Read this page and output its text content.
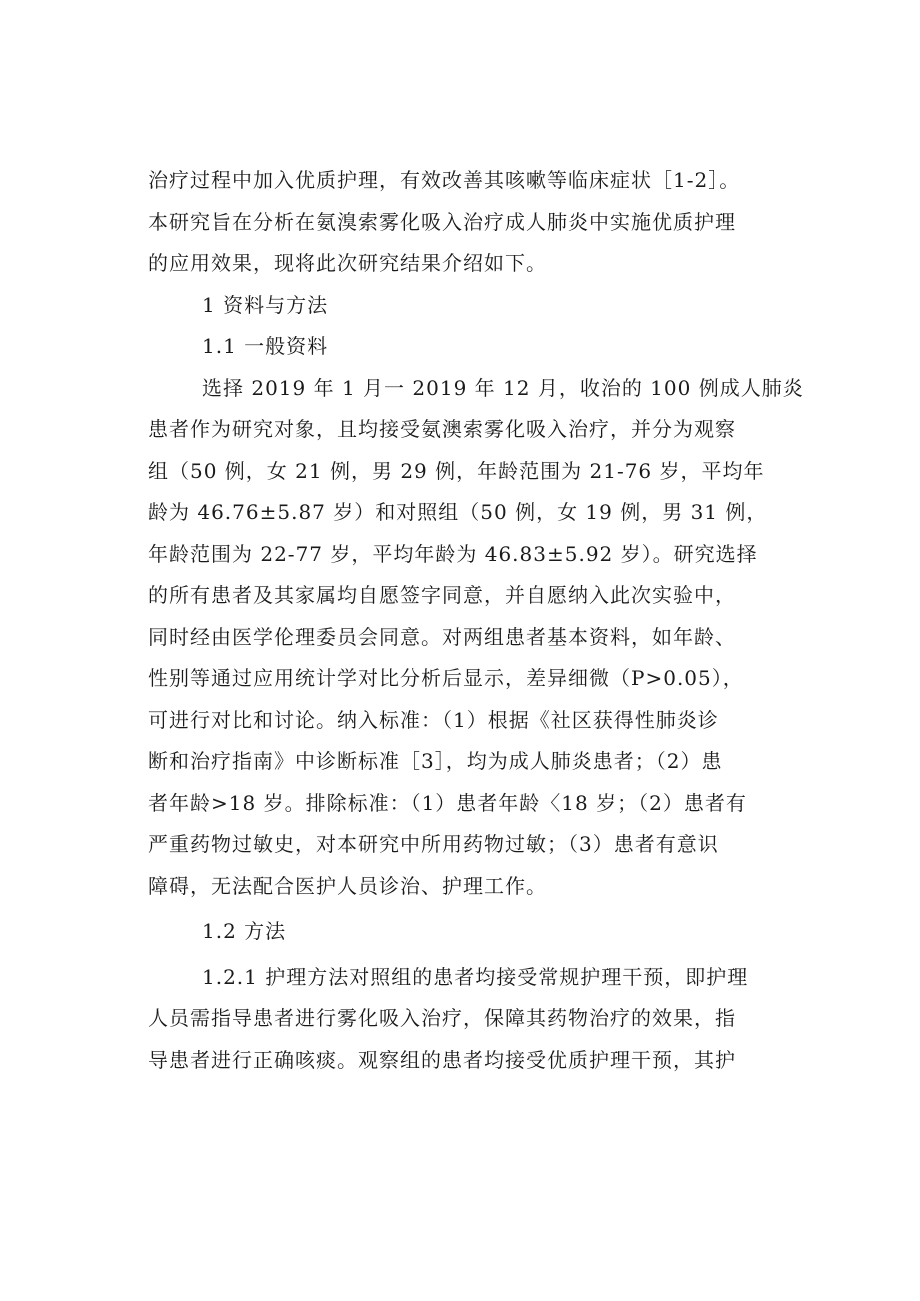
治疗过程中加入优质护理，有效改善其咳嗽等临床症状［1-2］。
本研究旨在分析在氨溴索雾化吸入治疗成人肺炎中实施优质护理
的应用效果，现将此次研究结果介绍如下。

1 资料与方法

1.1 一般资料

选择 2019 年 1 月一 2019 年 12 月，收治的 100 例成人肺炎
患者作为研究对象，且均接受氨澳索雾化吸入治疗，并分为观察
组（50 例，女 21 例，男 29 例，年龄范围为 21-76 岁，平均年
龄为 46.76±5.87 岁）和对照组（50 例，女 19 例，男 31 例，
年龄范围为 22-77 岁，平均年龄为 46.83±5.92 岁）。研究选择
的所有患者及其家属均自愿签字同意，并自愿纳入此次实验中，
同时经由医学伦理委员会同意。对两组患者基本资料，如年龄、
性别等通过应用统计学对比分析后显示，差异细微（P>0.05），
可进行对比和讨论。纳入标准：（1）根据《社区获得性肺炎诊
断和治疗指南》中诊断标准［3］，均为成人肺炎患者；（2）患
者年龄>18 岁。排除标准：（1）患者年龄〈18 岁；（2）患者有
严重药物过敏史，对本研究中所用药物过敏；（3）患者有意识
障碍，无法配合医护人员诊治、护理工作。

1.2 方法

1.2.1 护理方法对照组的患者均接受常规护理干预，即护理
人员需指导患者进行雾化吸入治疗，保障其药物治疗的效果，指
导患者进行正确咳痰。观察组的患者均接受优质护理干预，其护
